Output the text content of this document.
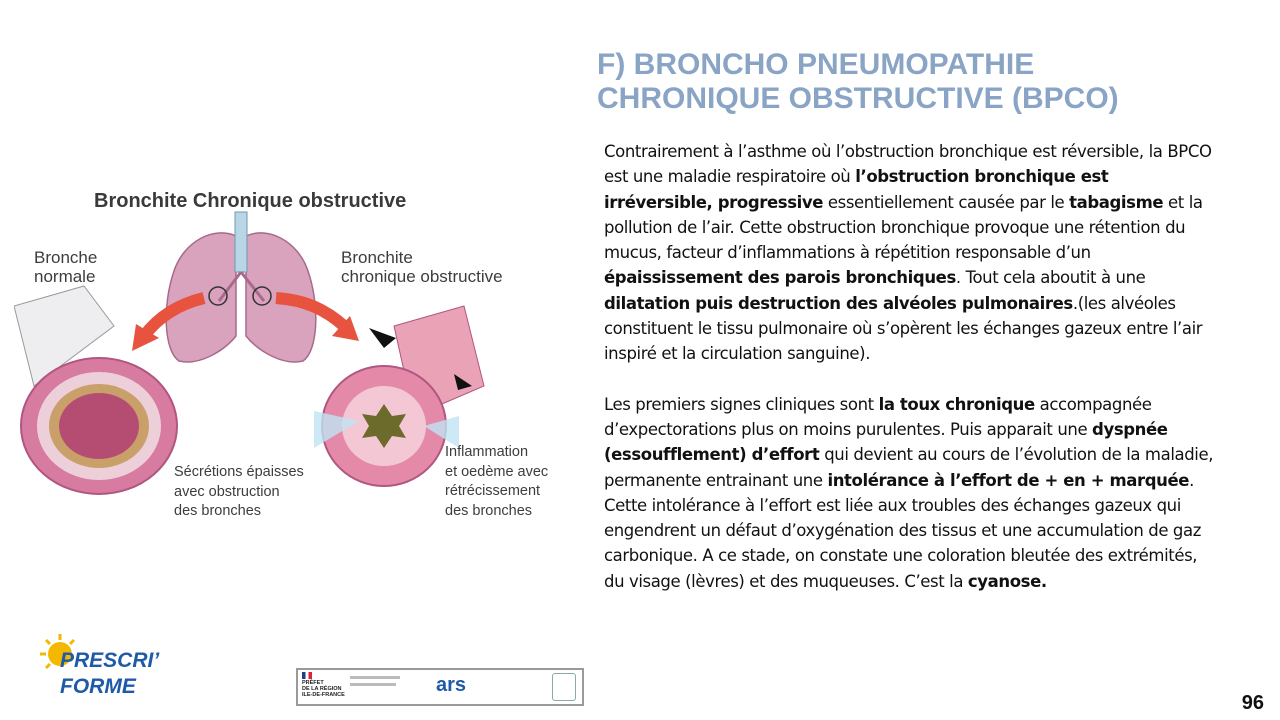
F) BRONCHO PNEUMOPATHIE
CHRONIQUE OBSTRUCTIVE (BPCO)

Contrairement à l’asthme où l’obstruction bronchique est réversible, la BPCO est une maladie respiratoire où l’obstruction bronchique est irréversible, progressive essentiellement causée par le tabagisme et la pollution de l’air. Cette obstruction bronchique provoque une rétention du mucus, facteur d’inflammations à répétition responsable d’un épaississement des parois bronchiques. Tout cela aboutit à une dilatation puis destruction des alvéoles pulmonaires.(les alvéoles constituent le tissu pulmonaire où s’opèrent les échanges gazeux entre l’air inspiré et la circulation sanguine).

Les premiers signes cliniques sont la toux chronique accompagnée d’expectorations plus on moins purulentes. Puis apparait une dyspnée (essoufflement) d’effort qui devient au cours de l’évolution de la maladie, permanente entrainant une intolérance à l’effort de + en + marquée.

Cette intolérance à l’effort est liée aux troubles des échanges gazeux qui engendrent un défaut d’oxygénation des tissus et une accumulation de gaz carbonique. A ce stade, on constate une coloration bleutée des extrémités, du visage (lèvres) et des muqueuses. C’est la cyanose.

Bronchite Chronique obstructive
Bronche
normale
Bronchite
chronique obstructive
Sécrétions épaisses
avec obstruction
des bronches
Inflammation
et oedème avec
rétrécissement
des bronches
PRESCRI’
FORME	PRÉFET
DE LA RÉGION
ILE-DE-FRANCE	ars
96
